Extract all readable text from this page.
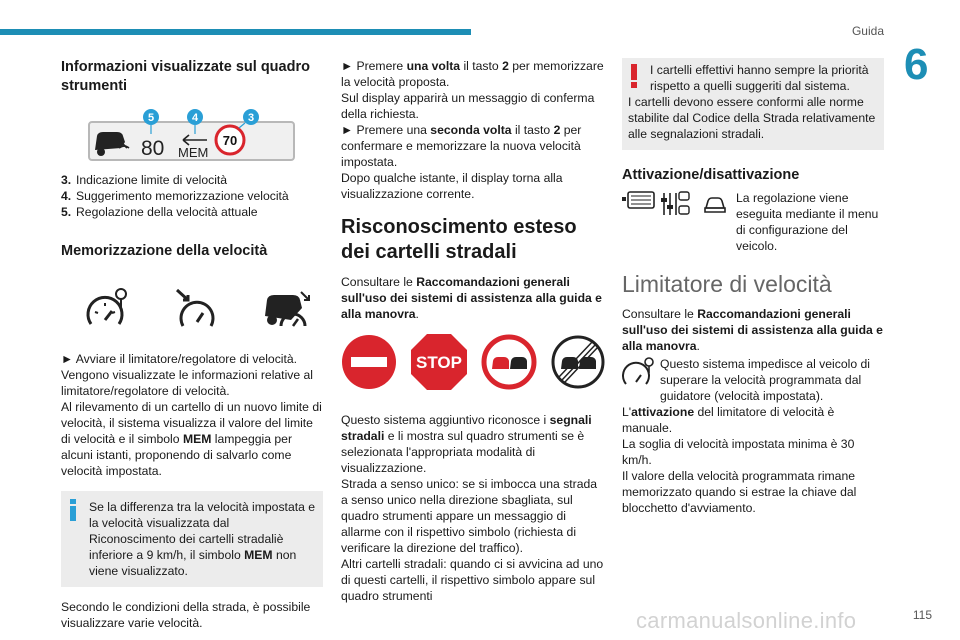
Guida
6

Informazioni visualizzate sul quadro strumenti

80 MEM
70
5	4	3

3. Indicazione limite di velocità

4. Suggerimento memorizzazione velocità

5. Regolazione della velocità attuale

Memorizzazione della velocità

► Avviare il limitatore/regolatore di velocità.
Vengono visualizzate le informazioni relative al limitatore/regolatore di velocità.
Al rilevamento di un cartello di un nuovo limite di velocità, il sistema visualizza il valore del limite di velocità e il simbolo MEM lampeggia per alcuni istanti, proponendo di salvarlo come velocità impostata.

Se la differenza tra la velocità impostata e la velocità visualizzata dal Riconoscimento dei cartelli stradaliè inferiore a 9 km/h, il simbolo MEM non viene visualizzato.

Secondo le condizioni della strada, è possibile visualizzare varie velocità.

► Premere una volta il tasto 2 per memorizzare la velocità proposta.
Sul display apparirà un messaggio di conferma della richiesta.
► Premere una seconda volta il tasto 2 per confermare e memorizzare la nuova velocità impostata.
Dopo qualche istante, il display torna alla visualizzazione corrente.

Risconoscimento esteso dei cartelli stradali

Consultare le Raccomandazioni generali sull'uso dei sistemi di assistenza alla guida e alla manovra.

STOP

Questo sistema aggiuntivo riconosce i segnali stradali e li mostra sul quadro strumenti se è selezionata l'appropriata modalità di visualizzazione.
Strada a senso unico: se si imbocca una strada a senso unico nella direzione sbagliata, sul quadro strumenti appare un messaggio di allarme con il rispettivo simbolo (richiesta di verificare la direzione del traffico).
Altri cartelli stradali: quando ci si avvicina ad uno di questi cartelli, il rispettivo simbolo appare sul quadro strumenti

I cartelli effettivi hanno sempre la priorità rispetto a quelli suggeriti dal sistema.

I cartelli devono essere conformi alle norme stabilite dal Codice della Strada relativamente alle segnalazioni stradali.

Attivazione/disattivazione

La regolazione viene eseguita mediante il menu di configurazione del veicolo.

Limitatore di velocità

Consultare le Raccomandazioni generali sull'uso dei sistemi di assistenza alla guida e alla manovra.

Questo sistema impedisce al veicolo di superare la velocità programmata dal guidatore (velocità impostata).

L'attivazione del limitatore di velocità è manuale.
La soglia di velocità impostata minima è 30 km/h.
Il valore della velocità programmata rimane memorizzato quando si estrae la chiave dal blocchetto d'avviamento.

carmanualsonline.info	115
